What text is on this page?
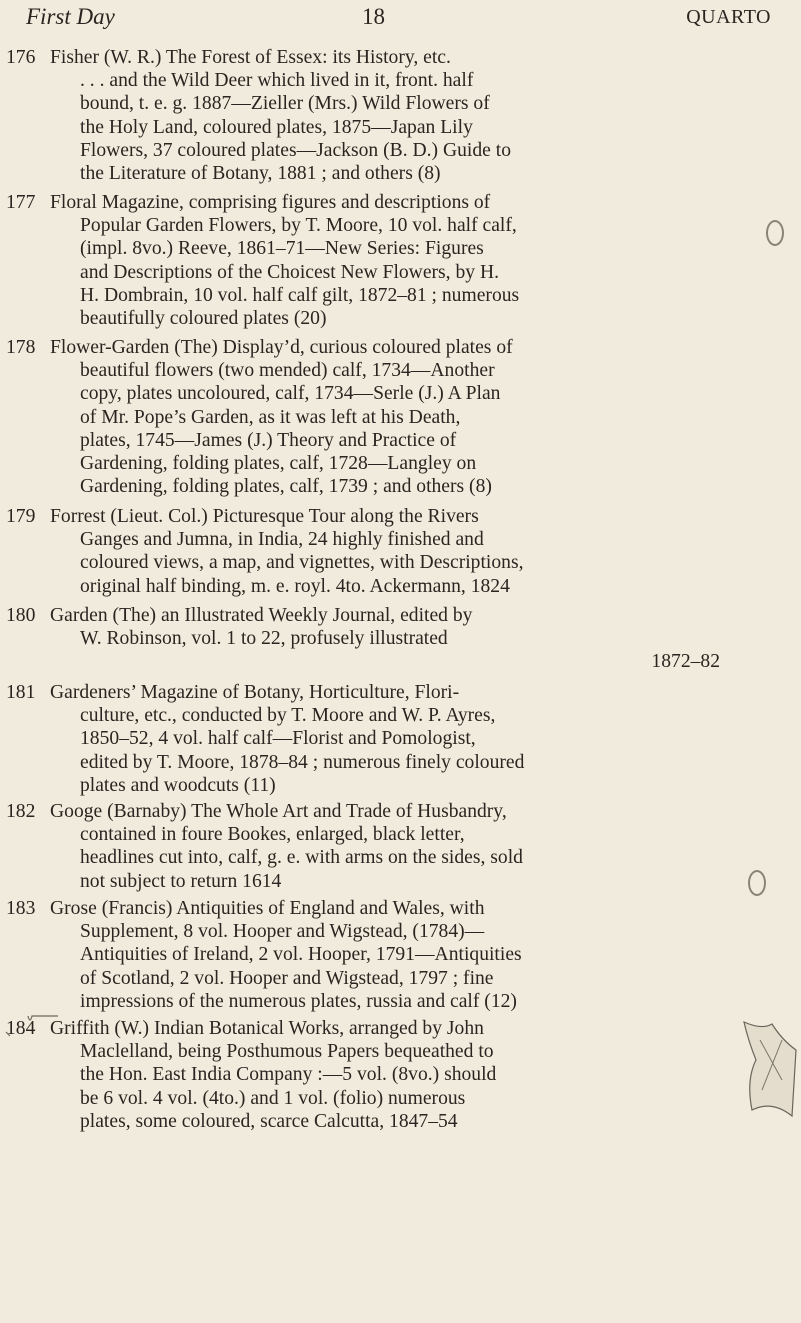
First Day	18	QUARTO
176 Fisher (W. R.) The Forest of Essex: its History, etc.
. . . and the Wild Deer which lived in it, front. half
bound, t. e. g. 1887—Zieller (Mrs.) Wild Flowers of
the Holy Land, coloured plates, 1875—Japan Lily
Flowers, 37 coloured plates—Jackson (B. D.) Guide to
the Literature of Botany, 1881 ; and others (8)
177 Floral Magazine, comprising figures and descriptions of
Popular Garden Flowers, by T. Moore, 10 vol. half calf,
(impl. 8vo.) Reeve, 1861–71—New Series: Figures
and Descriptions of the Choicest New Flowers, by H.
H. Dombrain, 10 vol. half calf gilt, 1872–81 ; numerous
beautifully coloured plates (20)
178 Flower-Garden (The) Display’d, curious coloured plates of
beautiful flowers (two mended) calf, 1734—Another
copy, plates uncoloured, calf, 1734—Serle (J.) A Plan
of Mr. Pope’s Garden, as it was left at his Death,
plates, 1745—James (J.) Theory and Practice of
Gardening, folding plates, calf, 1728—Langley on
Gardening, folding plates, calf, 1739 ; and others (8)
179 Forrest (Lieut. Col.) Picturesque Tour along the Rivers
Ganges and Jumna, in India, 24 highly finished and
coloured views, a map, and vignettes, with Descriptions,
original half binding, m. e. royl. 4to. Ackermann, 1824
180 Garden (The) an Illustrated Weekly Journal, edited by
W. Robinson, vol. 1 to 22, profusely illustrated
1872–82
181 Gardeners’ Magazine of Botany, Horticulture, Flori-
culture, etc., conducted by T. Moore and W. P. Ayres,
1850–52, 4 vol. half calf—Florist and Pomologist,
edited by T. Moore, 1878–84 ; numerous finely coloured
plates and woodcuts (11)
182 Googe (Barnaby) The Whole Art and Trade of Husbandry,
contained in foure Bookes, enlarged, black letter,
headlines cut into, calf, g. e. with arms on the sides, sold
not subject to return 1614
183 Grose (Francis) Antiquities of England and Wales, with
Supplement, 8 vol. Hooper and Wigstead, (1784)—
Antiquities of Ireland, 2 vol. Hooper, 1791—Antiquities
of Scotland, 2 vol. Hooper and Wigstead, 1797 ; fine
impressions of the numerous plates, russia and calf (12)
184 Griffith (W.) Indian Botanical Works, arranged by John
Maclelland, being Posthumous Papers bequeathed to
the Hon. East India Company :—5 vol. (8vo.) should
be 6 vol. 4 vol. (4to.) and 1 vol. (folio) numerous
plates, some coloured, scarce Calcutta, 1847–54
